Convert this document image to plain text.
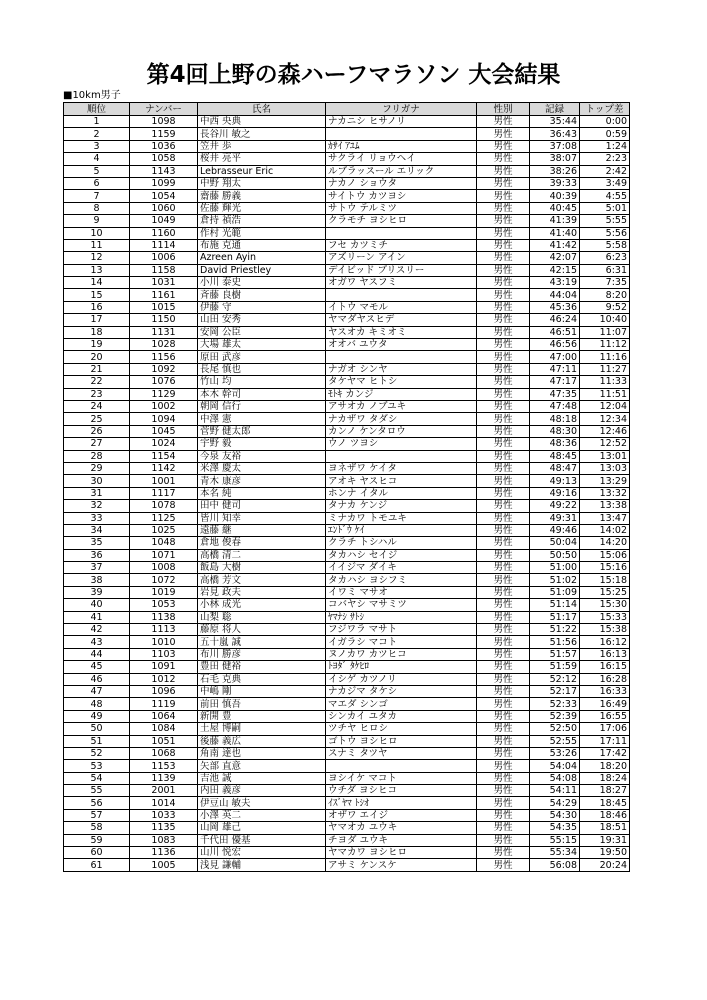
第4回上野の森ハーフマラソン 大会結果
■10km男子
順位	ナンバー	氏名	フリガナ	性別	記録	トップ差
1	1098	中西 央典	ナカニシ ヒサノリ	男性	35:44	0:00
2	1159	長谷川 敏之		男性	36:43	0:59
3	1036	笠井 歩	ｶｻｲ ｱﾕﾑ	男性	37:08	1:24
4	1058	桜井 亮平	サクライ リョウヘイ	男性	38:07	2:23
5	1143	Lebrasseur Eric	ルブラッスール エリック	男性	38:26	2:42
6	1099	中野 翔太	ナカノ ショウタ	男性	39:33	3:49
7	1054	齋藤 勝義	サイトウ カツヨシ	男性	40:39	4:55
8	1060	佐藤 輝光	サトウ テルミツ	男性	40:45	5:01
9	1049	倉持 禎浩	クラモチ ヨシヒロ	男性	41:39	5:55
10	1160	作村 光範		男性	41:40	5:56
11	1114	布施 克通	フセ カツミチ	男性	41:42	5:58
12	1006	Azreen Ayin	アズリーン アイン	男性	42:07	6:23
13	1158	David Priestley	デイビッド プリスリー	男性	42:15	6:31
14	1031	小川 泰史	オガワ ヤスフミ	男性	43:19	7:35
15	1161	斉藤 良樹		男性	44:04	8:20
16	1015	伊藤 守	イトウ マモル	男性	45:36	9:52
17	1150	山田 安秀	ヤマダヤスヒデ	男性	46:24	10:40
18	1131	安岡 公臣	ヤスオカ キミオミ	男性	46:51	11:07
19	1028	大場 雄太	オオバ ユウタ	男性	46:56	11:12
20	1156	原田 武彦		男性	47:00	11:16
21	1092	長尾 慎也	ナガオ シンヤ	男性	47:11	11:27
22	1076	竹山 均	タケヤマ ヒトシ	男性	47:17	11:33
23	1129	本木 幹司	ﾓﾄｷ カンジ	男性	47:35	11:51
24	1002	朝岡 信行	アサオカ ノブユキ	男性	47:48	12:04
25	1094	中澤 憲	ナカザワ タダシ	男性	48:18	12:34
26	1045	菅野 健太郎	カンノ ケンタロウ	男性	48:30	12:46
27	1024	宇野 毅	ウノ ツヨシ	男性	48:36	12:52
28	1154	今泉 友裕		男性	48:45	13:01
29	1142	米澤 慶太	ヨネザワ ケイタ	男性	48:47	13:03
30	1001	青木 康彦	アオキ ヤスヒコ	男性	49:13	13:29
31	1117	本名 純	ホンナ イタル	男性	49:16	13:32
32	1078	田中 健司	タナカ ケンジ	男性	49:22	13:38
33	1125	皆川 知幸	ミナカワ トモユキ	男性	49:31	13:47
34	1025	遠藤 継	ｴﾝﾄﾞｳ ｹｲ	男性	49:46	14:02
35	1048	倉地 俊春	クラチ トシハル	男性	50:04	14:20
36	1071	高橋 清二	タカハシ セイジ	男性	50:50	15:06
37	1008	飯島 大樹	イイジマ ダイキ	男性	51:00	15:16
38	1072	高橋 芳文	タカハシ ヨシフミ	男性	51:02	15:18
39	1019	岩見 政夫	イワミ マサオ	男性	51:09	15:25
40	1053	小林 成光	コバヤシ マサミツ	男性	51:14	15:30
41	1138	山梨 聡	ﾔﾏﾅｼ ｻﾄｼ	男性	51:17	15:33
42	1113	藤原 将人	フジワラ マサト	男性	51:22	15:38
43	1010	五十嵐 誠	イガラシ マコト	男性	51:56	16:12
44	1103	布川 勝彦	ヌノカワ カツヒコ	男性	51:57	16:13
45	1091	豊田 健裕	ﾄﾖﾀﾞ ﾀｹﾋﾛ	男性	51:59	16:15
46	1012	石毛 克典	イシゲ カツノリ	男性	52:12	16:28
47	1096	中嶋 剛	ナカジマ タケシ	男性	52:17	16:33
48	1119	前田 慎吾	マエダ シンゴ	男性	52:33	16:49
49	1064	新開 豊	シンカイ ユタカ	男性	52:39	16:55
50	1084	土屋 博嗣	ツチヤ ヒロシ	男性	52:50	17:06
51	1051	後藤 義広	ゴトウ ヨシヒロ	男性	52:55	17:11
52	1068	角南 達也	スナミ タツヤ	男性	53:26	17:42
53	1153	矢部 直意		男性	54:04	18:20
54	1139	吉池 誠	ヨシイケ マコト	男性	54:08	18:24
55	2001	内田 義彦	ウチダ ヨシヒコ	男性	54:11	18:27
56	1014	伊豆山 敏夫	ｲｽﾞﾔﾏ ﾄｼｵ	男性	54:29	18:45
57	1033	小澤 英二	オザワ エイジ	男性	54:30	18:46
58	1135	山岡 雄己	ヤマオカ ユウキ	男性	54:35	18:51
59	1083	千代田 優基	チヨダ ユウキ	男性	55:15	19:31
60	1136	山川 悦宏	ヤマカワ ヨシヒロ	男性	55:34	19:50
61	1005	浅見 謙輔	アサミ ケンスケ	男性	56:08	20:24
